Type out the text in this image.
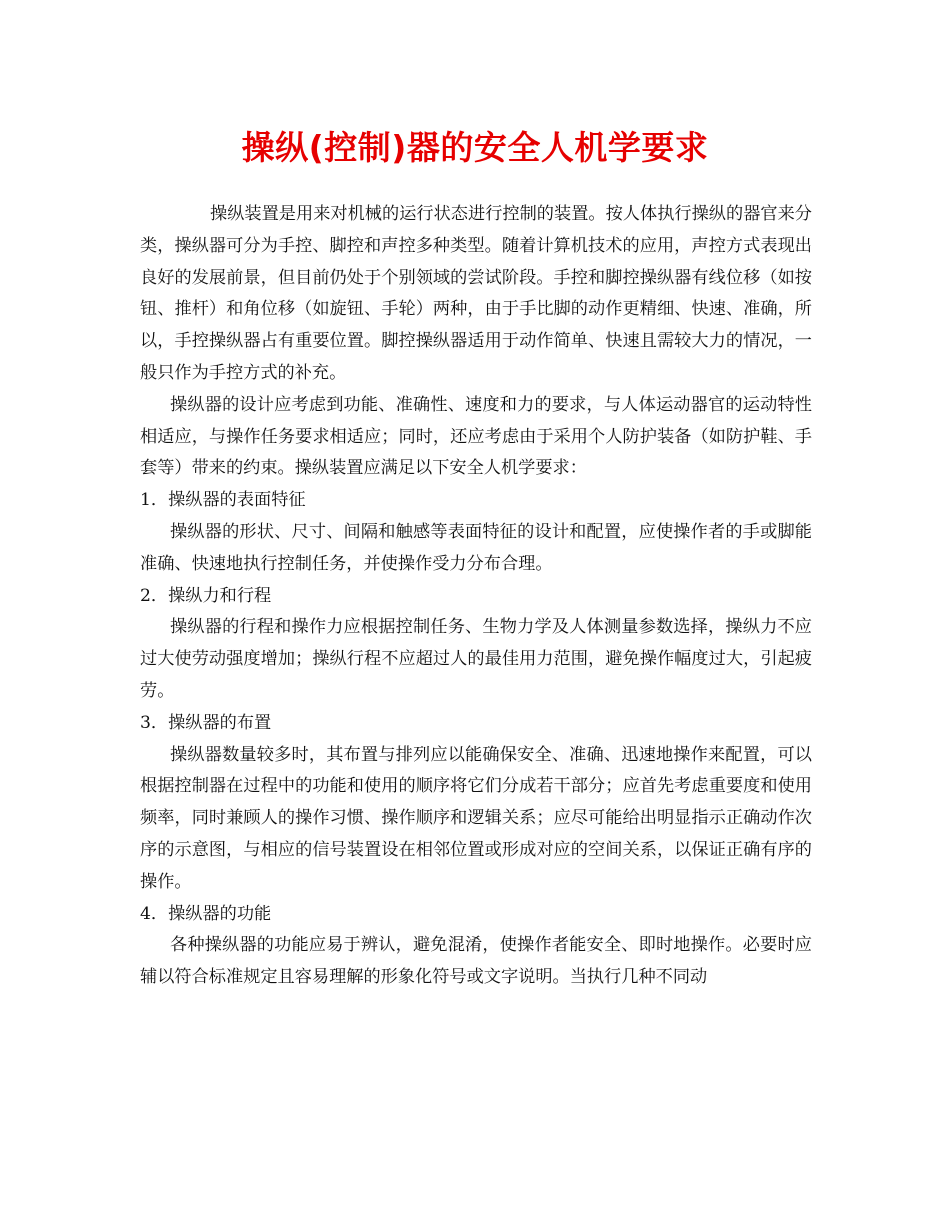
操纵(控制)器的安全人机学要求

操纵装置是用来对机械的运行状态进行控制的装置。按人体执行操纵的器官来分类，操纵器可分为手控、脚控和声控多种类型。随着计算机技术的应用，声控方式表现出良好的发展前景，但目前仍处于个别领域的尝试阶段。手控和脚控操纵器有线位移（如按钮、推杆）和角位移（如旋钮、手轮）两种，由于手比脚的动作更精细、快速、准确，所以，手控操纵器占有重要位置。脚控操纵器适用于动作简单、快速且需较大力的情况，一般只作为手控方式的补充。

操纵器的设计应考虑到功能、准确性、速度和力的要求，与人体运动器官的运动特性相适应，与操作任务要求相适应；同时，还应考虑由于采用个人防护装备（如防护鞋、手套等）带来的约束。操纵装置应满足以下安全人机学要求：

1．操纵器的表面特征

操纵器的形状、尺寸、间隔和触感等表面特征的设计和配置，应使操作者的手或脚能准确、快速地执行控制任务，并使操作受力分布合理。

2．操纵力和行程

操纵器的行程和操作力应根据控制任务、生物力学及人体测量参数选择，操纵力不应过大使劳动强度增加；操纵行程不应超过人的最佳用力范围，避免操作幅度过大，引起疲劳。

3．操纵器的布置

操纵器数量较多时，其布置与排列应以能确保安全、准确、迅速地操作来配置，可以根据控制器在过程中的功能和使用的顺序将它们分成若干部分；应首先考虑重要度和使用频率，同时兼顾人的操作习惯、操作顺序和逻辑关系；应尽可能给出明显指示正确动作次序的示意图，与相应的信号装置设在相邻位置或形成对应的空间关系，以保证正确有序的操作。

4．操纵器的功能

各种操纵器的功能应易于辨认，避免混淆，使操作者能安全、即时地操作。必要时应辅以符合标准规定且容易理解的形象化符号或文字说明。当执行几种不同动
